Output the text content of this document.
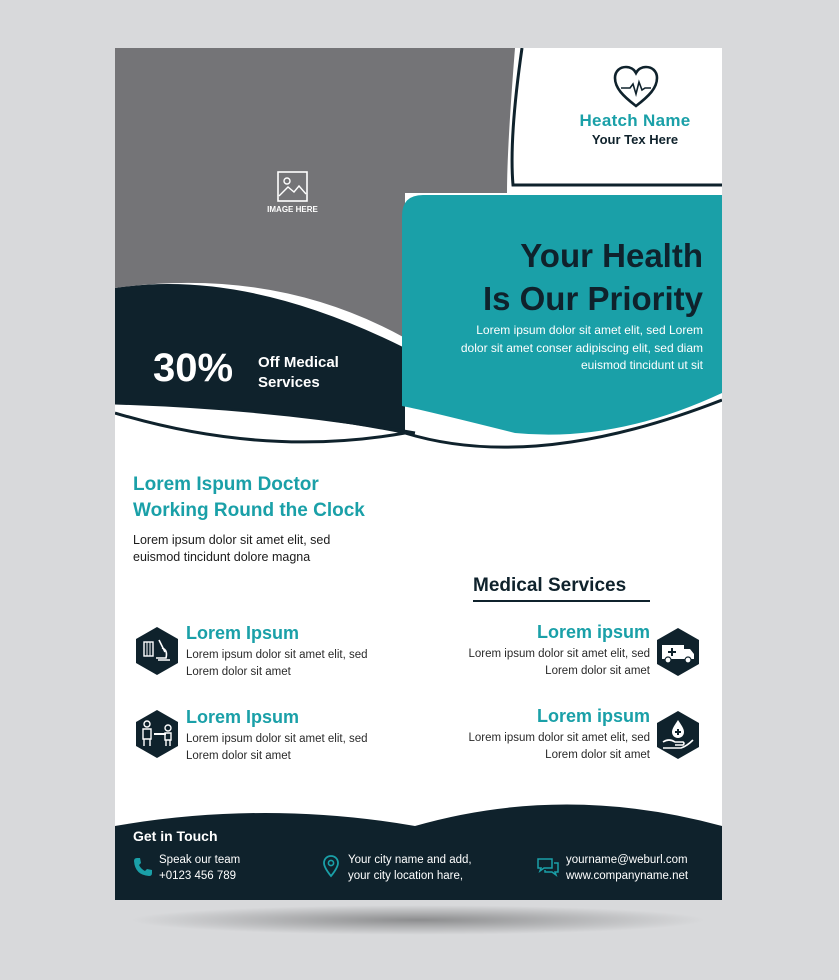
Heatch Name

Your Tex Here

IMAGE HERE

Your Health
Is Our Priority
Lorem ipsum dolor sit amet elit, sed Lorem
dolor sit amet conser adipiscing elit, sed diam
euismod tincidunt ut sit

30% Off Medical
Services
Lorem Ispum Doctor
Working Round the Clock
Lorem ipsum dolor sit amet elit, sed
euismod tincidunt dolore magna

Medical Services

Lorem Ipsum
Lorem ipsum dolor sit amet elit, sed
Lorem dolor sit amet
Lorem ipsum
Lorem ipsum dolor sit amet elit, sed
Lorem dolor sit amet
Lorem Ipsum
Lorem ipsum dolor sit amet elit, sed
Lorem dolor sit amet
Lorem ipsum
Lorem ipsum dolor sit amet elit, sed
Lorem dolor sit amet

Get in Touch

Speak our team
+0123 456 789
Your city name and add,
your city location hare,
yourname@weburl.com
www.companyname.net
